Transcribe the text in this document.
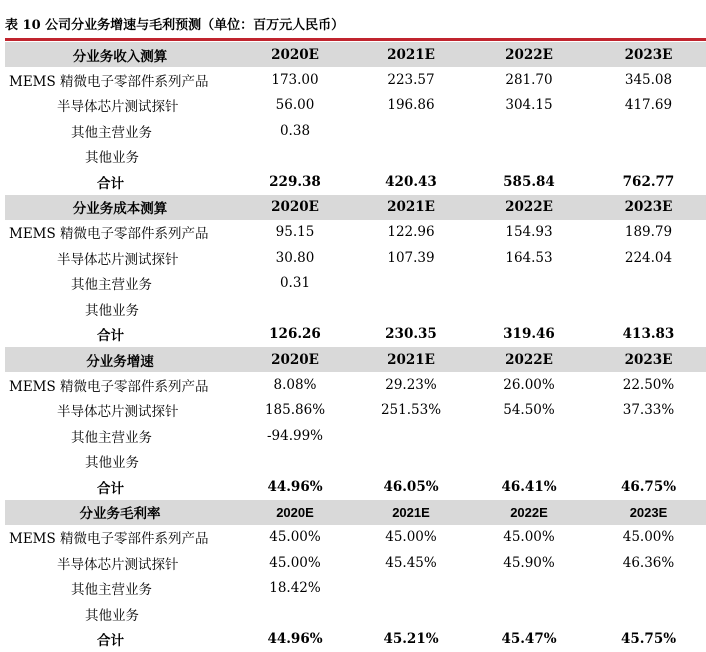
表 10 公司分业务增速与毛利预测（单位：百万元人民币）
分业务收入测算	2020E	2021E	2022E	2023E
MEMS 精微电子零部件系列产品	173.00	223.57	281.70	345.08
半导体芯片测试探针	56.00	196.86	304.15	417.69
其他主营业务	0.38			
其他业务				
合计	229.38	420.43	585.84	762.77
分业务成本测算	2020E	2021E	2022E	2023E
MEMS 精微电子零部件系列产品	95.15	122.96	154.93	189.79
半导体芯片测试探针	30.80	107.39	164.53	224.04
其他主营业务	0.31			
其他业务				
合计	126.26	230.35	319.46	413.83
分业务增速	2020E	2021E	2022E	2023E
MEMS 精微电子零部件系列产品	8.08%	29.23%	26.00%	22.50%
半导体芯片测试探针	185.86%	251.53%	54.50%	37.33%
其他主营业务	-94.99%			
其他业务				
合计	44.96%	46.05%	46.41%	46.75%
分业务毛利率	2020E	2021E	2022E	2023E
MEMS 精微电子零部件系列产品	45.00%	45.00%	45.00%	45.00%
半导体芯片测试探针	45.00%	45.45%	45.90%	46.36%
其他主营业务	18.42%			
其他业务				
合计	44.96%	45.21%	45.47%	45.75%
